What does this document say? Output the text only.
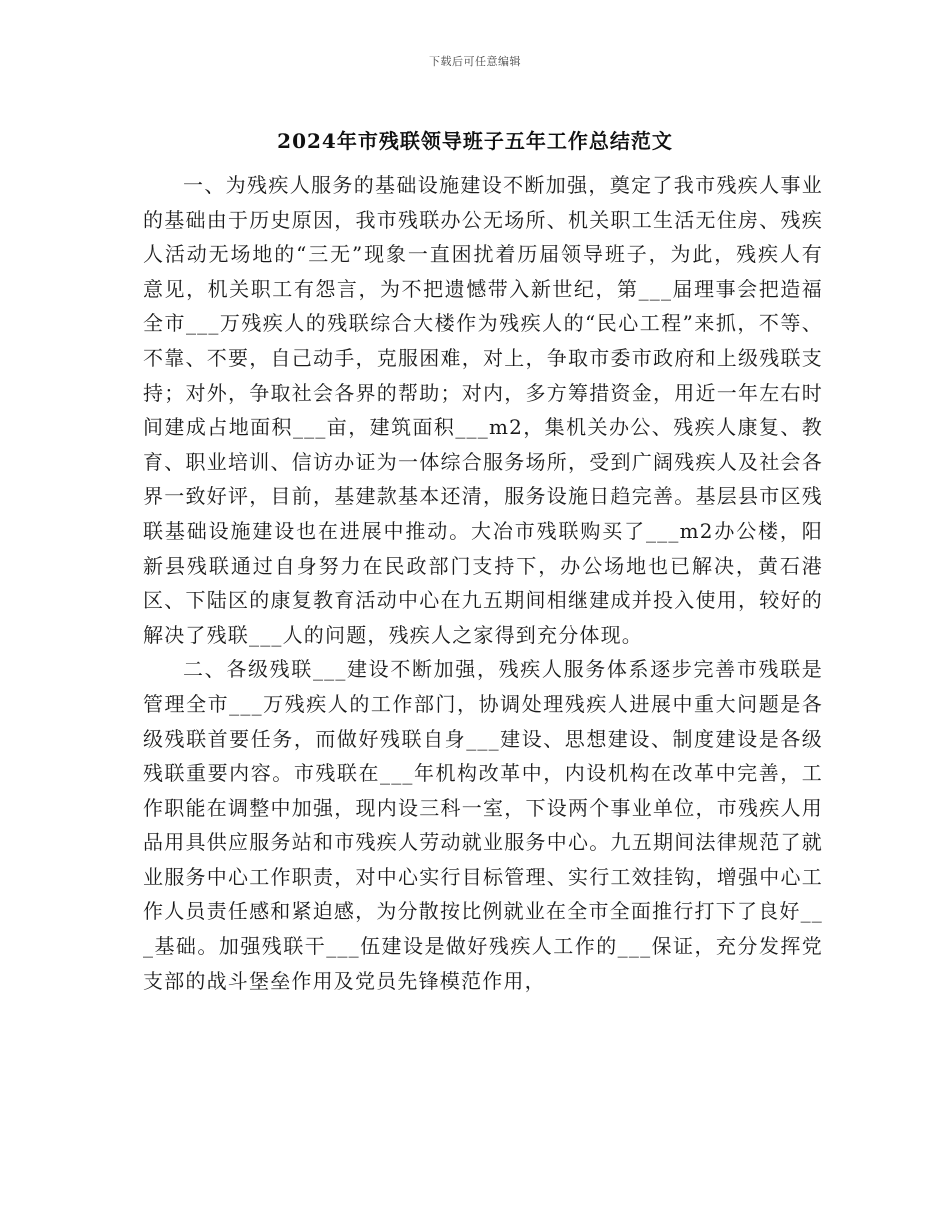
下载后可任意编辑
2024年市残联领导班子五年工作总结范文

一、为残疾人服务的基础设施建设不断加强，奠定了我市残疾人事业的基础由于历史原因，我市残联办公无场所、机关职工生活无住房、残疾人活动无场地的“三无”现象一直困扰着历届领导班子，为此，残疾人有意见，机关职工有怨言，为不把遗憾带入新世纪，第___届理事会把造福全市___万残疾人的残联综合大楼作为残疾人的“民心工程”来抓，不等、不靠、不要，自己动手，克服困难，对上，争取市委市政府和上级残联支持；对外，争取社会各界的帮助；对内，多方筹措资金，用近一年左右时间建成占地面积___亩，建筑面积___m2，集机关办公、残疾人康复、教育、职业培训、信访办证为一体综合服务场所，受到广阔残疾人及社会各界一致好评，目前，基建款基本还清，服务设施日趋完善。基层县市区残联基础设施建设也在进展中推动。大冶市残联购买了___m2办公楼，阳新县残联通过自身努力在民政部门支持下，办公场地也已解决，黄石港区、下陆区的康复教育活动中心在九五期间相继建成并投入使用，较好的解决了残联___人的问题，残疾人之家得到充分体现。

二、各级残联___建设不断加强，残疾人服务体系逐步完善市残联是管理全市___万残疾人的工作部门，协调处理残疾人进展中重大问题是各级残联首要任务，而做好残联自身___建设、思想建设、制度建设是各级残联重要内容。市残联在___年机构改革中，内设机构在改革中完善，工作职能在调整中加强，现内设三科一室，下设两个事业单位，市残疾人用品用具供应服务站和市残疾人劳动就业服务中心。九五期间法律规范了就业服务中心工作职责，对中心实行目标管理、实行工效挂钩，增强中心工作人员责任感和紧迫感，为分散按比例就业在全市全面推行打下了良好___基础。加强残联干___伍建设是做好残疾人工作的___保证，充分发挥党支部的战斗堡垒作用及党员先锋模范作用，
